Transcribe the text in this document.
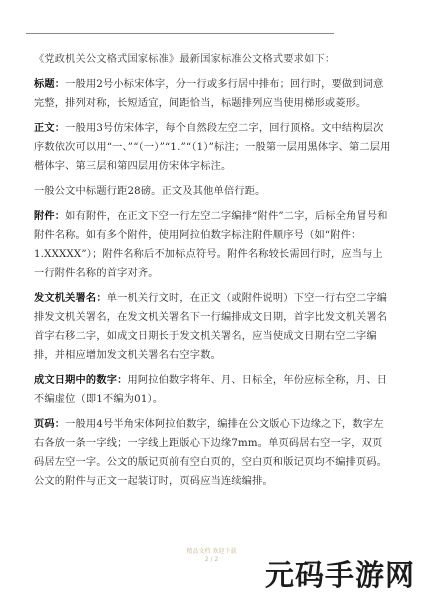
《党政机关公文格式国家标准》最新国家标准公文格式要求如下：

标题：一般用2号小标宋体字，分一行或多行居中排布；回行时，要做到词意完整，排列对称，长短适宜，间距恰当，标题排列应当使用梯形或菱形。

正文：一般用3号仿宋体字，每个自然段左空二字，回行顶格。文中结构层次序数依次可以用“一、”“（一）”“1.”“（1）”标注；一般第一层用黑体字、第二层用楷体字、第三层和第四层用仿宋体字标注。

一般公文中标题行距28磅。正文及其他单倍行距。

附件：如有附件，在正文下空一行左空二字编排“附件”二字，后标全角冒号和附件名称。如有多个附件，使用阿拉伯数字标注附件顺序号（如“附件：1.XXXXX”）；附件名称后不加标点符号。附件名称较长需回行时，应当与上一行附件名称的首字对齐。

发文机关署名：单一机关行文时，在正文（或附件说明）下空一行右空二字编排发文机关署名，在发文机关署名下一行编排成文日期，首字比发文机关署名首字右移二字，如成文日期长于发文机关署名，应当使成文日期右空二字编排，并相应增加发文机关署名右空字数。

成文日期中的数字：用阿拉伯数字将年、月、日标全，年份应标全称，月、日不编虚位（即1不编为01）。

页码：一般用4号半角宋体阿拉伯数字，编排在公文版心下边缘之下，数字左右各放一条一字线；一字线上距版心下边缘7mm。单页码居右空一字，双页码居左空一字。公文的版记页前有空白页的，空白页和版记页均不编排页码。公文的附件与正文一起装订时，页码应当连续编排。

精品文档 欢迎下载
2 / 2	元码手游网
